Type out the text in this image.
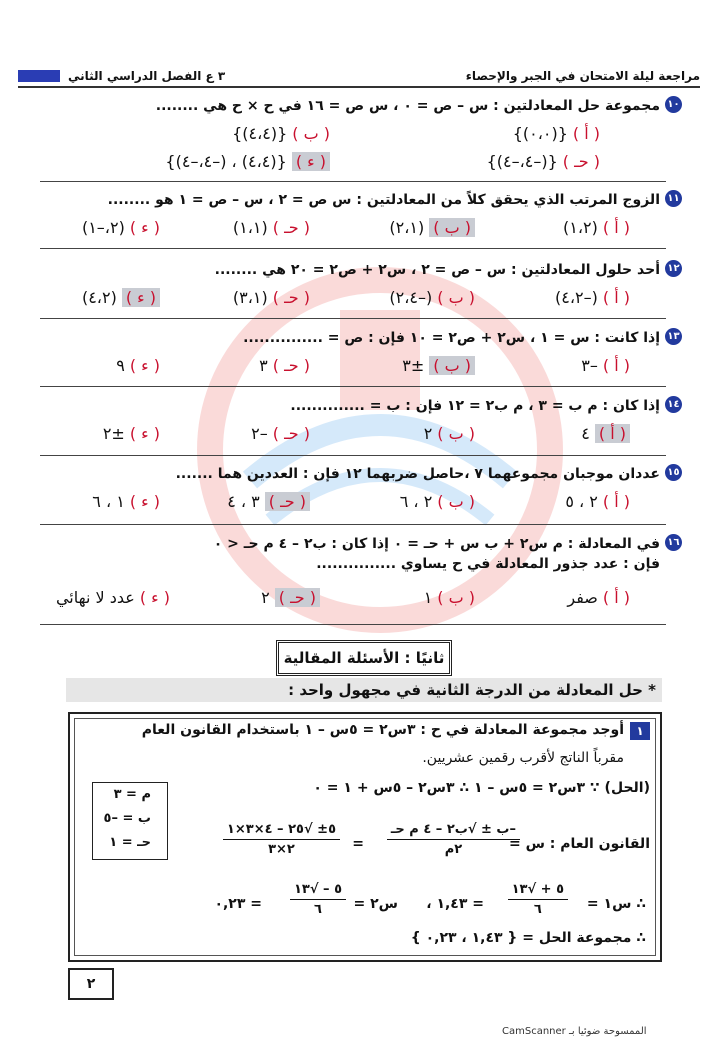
مراجعة ليلة الامتحان في الجبر والإحصاء
٣ ع الفصل الدراسي الثاني
١٠
مجموعة حل المعادلتين : س – ص = ٠ ، س ص = ١٦ في ح × ح هي ........
( أ )
{(٠،٠)}
( ب )
{(٤،٤)}
( حـ )
{(–٤،–٤)}
( ء )
{(٤،٤) ، (–٤،–٤)}
١١
الزوج المرتب الذي يحقق كلاً من المعادلتين : س ص = ٢ ، س – ص = ١ هو ........
( أ )
(١،٢)
( ب )
(٢،١)
( حـ )
(١،١)
( ء )
(٢،–١)
١٢
أحد حلول المعادلتين : س – ص = ٢ ، س٢ + ص٢ = ٢٠ هي ........
( أ )
(–٤،٢)
( ب )
(–٢،٤)
( حـ )
(٣،١)
( ء )
(٤،٢)
١٣
إذا كانت : س = ١ ، س٢ + ص٢ = ١٠ فإن : ص = ...............
( أ )
–٣
( ب )
±٣
( حـ )
٣
( ء )
٩
١٤
إذا كان : م ب = ٣ ، م ب٢ = ١٢ فإن : ب = ..............
( أ )
٤
( ب )
٢
( حـ )
–٢
( ء )
±٢
١٥
عددان موجبان مجموعهما ٧ ،حاصل ضربهما ١٢ فإن : العددين هما .......
( أ )
٢ ، ٥
( ب )
٢ ، ٦
( حـ )
٣ ، ٤
( ء )
١ ، ٦
١٦
في المعادلة : م س٢ + ب س + حـ = ٠ إذا كان : ب٢ – ٤ م حـ < ٠
فإن : عدد جذور المعادلة في ح يساوي ...............
( أ )
صفر
( ب )
١
( حـ )
٢
( ء )
عدد لا نهائي
ثانيًا : الأسئلة المقالية
* حل المعادلة من الدرجة الثانية في مجهول واحد :
١
أوجد مجموعة المعادلة في ح : ٣س٢ = ٥س – ١ باستخدام القانون العام
مقرباً الناتج لأقرب رقمين عشريين.
(الحل) ∵ ٣س٢ = ٥س – ١ ∴ ٣س٢ – ٥س + ١ = ٠
م = ٣
ب = –٥
حـ = ١	القانون العام : س =
–ب ± √ب٢ – ٤ م حـ
٢م
=
٥± √٢٥ – ٤×٣×١
٢×٣
∴ س١ =
٥ + √١٣
٦
= ١,٤٣ ،
س٢ =
٥ – √١٣
٦
= ٠,٢٣
∴ مجموعة الحل = { ١,٤٣ ، ٠,٢٣ }
٢
الممسوحة ضوئيا بـ CamScanner
